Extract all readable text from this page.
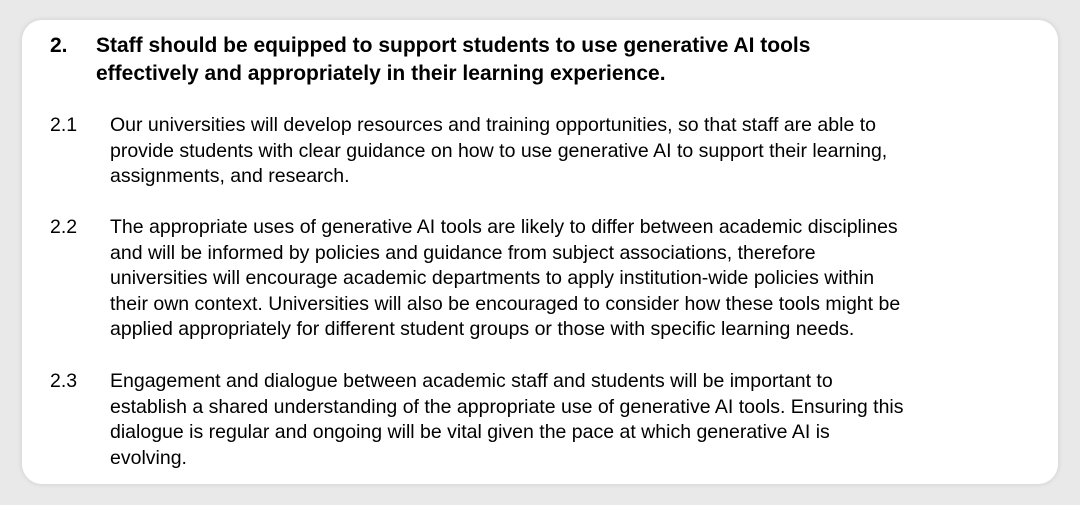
2.	Staff should be equipped to support students to use generative AI tools
effectively and appropriately in their learning experience.
2.1	Our universities will develop resources and training opportunities, so that staff are able to
provide students with clear guidance on how to use generative AI to support their learning,
assignments, and research.
2.2	The appropriate uses of generative AI tools are likely to differ between academic disciplines
and will be informed by policies and guidance from subject associations, therefore
universities will encourage academic departments to apply institution-wide policies within
their own context. Universities will also be encouraged to consider how these tools might be
applied appropriately for different student groups or those with specific learning needs.
2.3	Engagement and dialogue between academic staff and students will be important to
establish a shared understanding of the appropriate use of generative AI tools. Ensuring this
dialogue is regular and ongoing will be vital given the pace at which generative AI is
evolving.
